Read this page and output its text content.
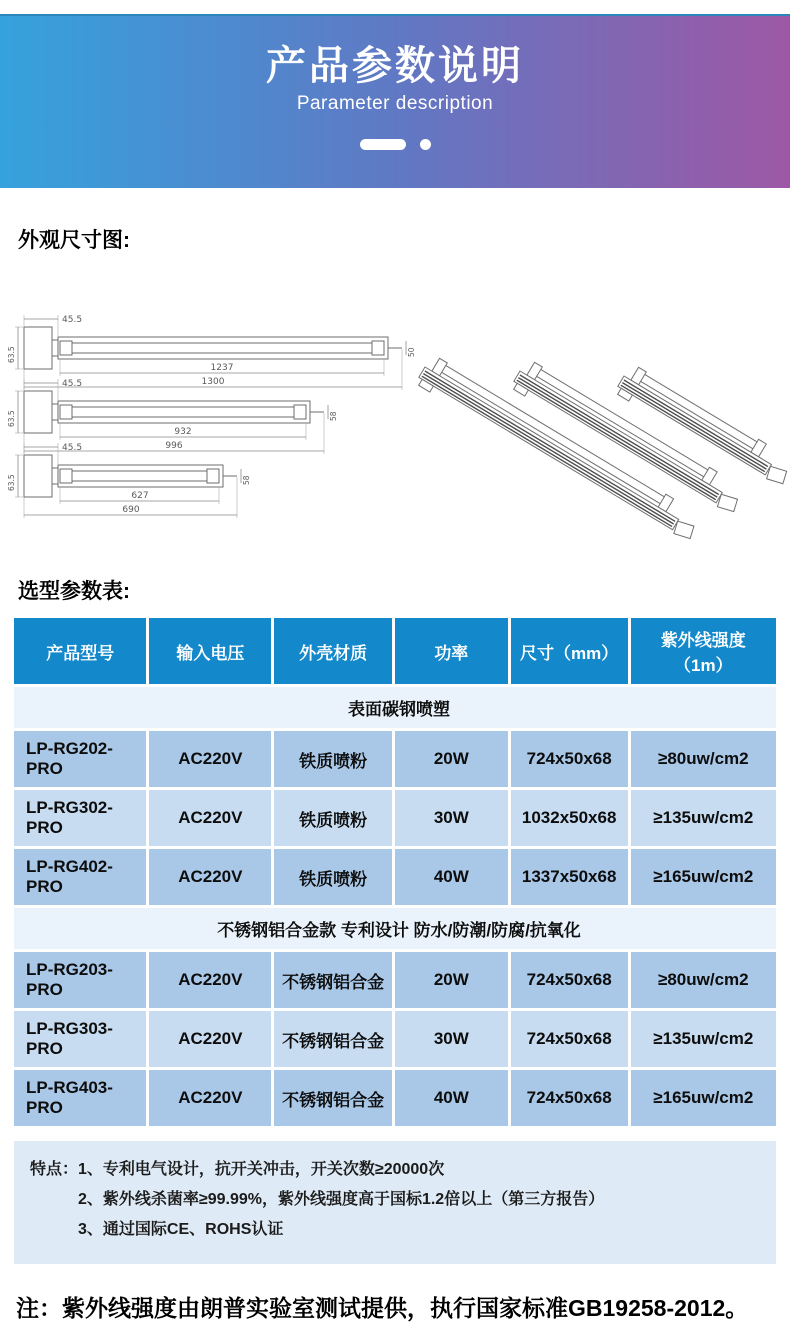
产品参数说明
Parameter description
外观尺寸图:
45.5
63.5	50
1237
1300
45.5
63.5	58
932
996
45.5
63.5	58
627
690
选型参数表:
产品型号	输入电压	外壳材质	功率	尺寸（mm）	紫外线强度 （1m）
表面碳钢喷塑					
LP-RG202-PRO	AC220V	铁质喷粉	20W	724x50x68	≥80uw/cm2
LP-RG302-PRO	AC220V	铁质喷粉	30W	1032x50x68	≥135uw/cm2
LP-RG402-PRO	AC220V	铁质喷粉	40W	1337x50x68	≥165uw/cm2
不锈钢铝合金款 专利设计 防水/防潮/防腐/抗氧化					
LP-RG203-PRO	AC220V	不锈钢铝合金	20W	724x50x68	≥80uw/cm2
LP-RG303-PRO	AC220V	不锈钢铝合金	30W	724x50x68	≥135uw/cm2
LP-RG403-PRO	AC220V	不锈钢铝合金	40W	724x50x68	≥165uw/cm2
特点： 1、专利电气设计，抗开关冲击，开关次数≥20000次
2、紫外线杀菌率≥99.99%，紫外线强度高于国标1.2倍以上（第三方报告）
3、通过国际CE、ROHS认证
注：紫外线强度由朗普实验室测试提供，执行国家标准GB19258-2012。
